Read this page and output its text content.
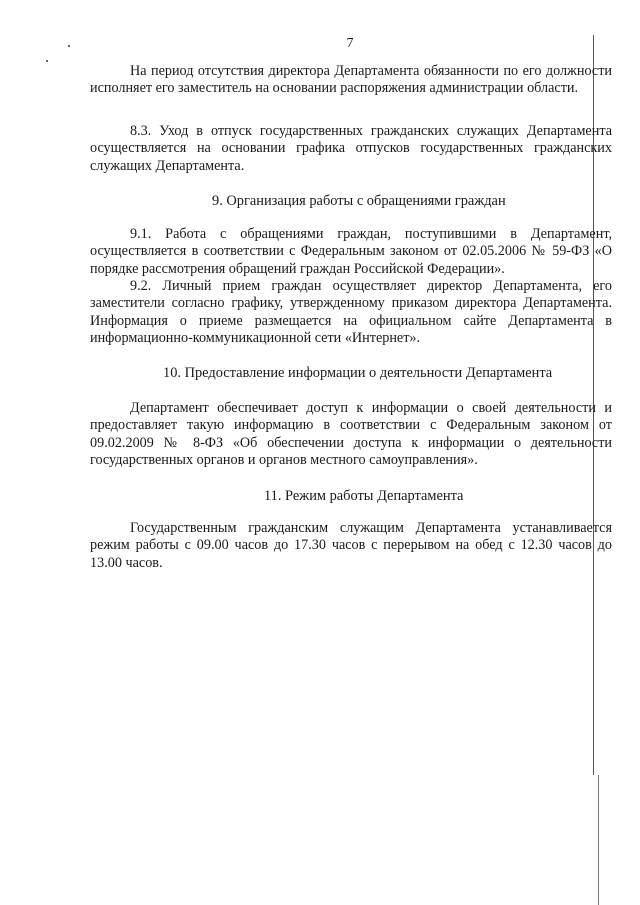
7

На период отсутствия директора Департамента обязанности по его должности исполняет его заместитель на основании распоряжения администрации области.

8.3. Уход в отпуск государственных гражданских служащих Департамента осуществляется на основании графика отпусков государственных гражданских служащих Департамента.

9. Организация работы с обращениями граждан

9.1. Работа с обращениями граждан, поступившими в Департамент, осуществляется в соответствии с Федеральным законом от 02.05.2006 № 59-ФЗ «О порядке рассмотрения обращений граждан Российской Федерации».

9.2. Личный прием граждан осуществляет директор Департамента, его заместители согласно графику, утвержденному приказом директора Департамента. Информация о приеме размещается на официальном сайте Департамента в информационно-коммуникационной сети «Интернет».

10. Предоставление информации о деятельности Департамента

Департамент обеспечивает доступ к информации о своей деятельности и предоставляет такую информацию в соответствии с Федеральным законом от 09.02.2009 № 8-ФЗ «Об обеспечении доступа к информации о деятельности государственных органов и органов местного самоуправления».

11. Режим работы Департамента

Государственным гражданским служащим Департамента устанавливается режим работы с 09.00 часов до 17.30 часов с перерывом на обед с 12.30 часов до 13.00 часов.
